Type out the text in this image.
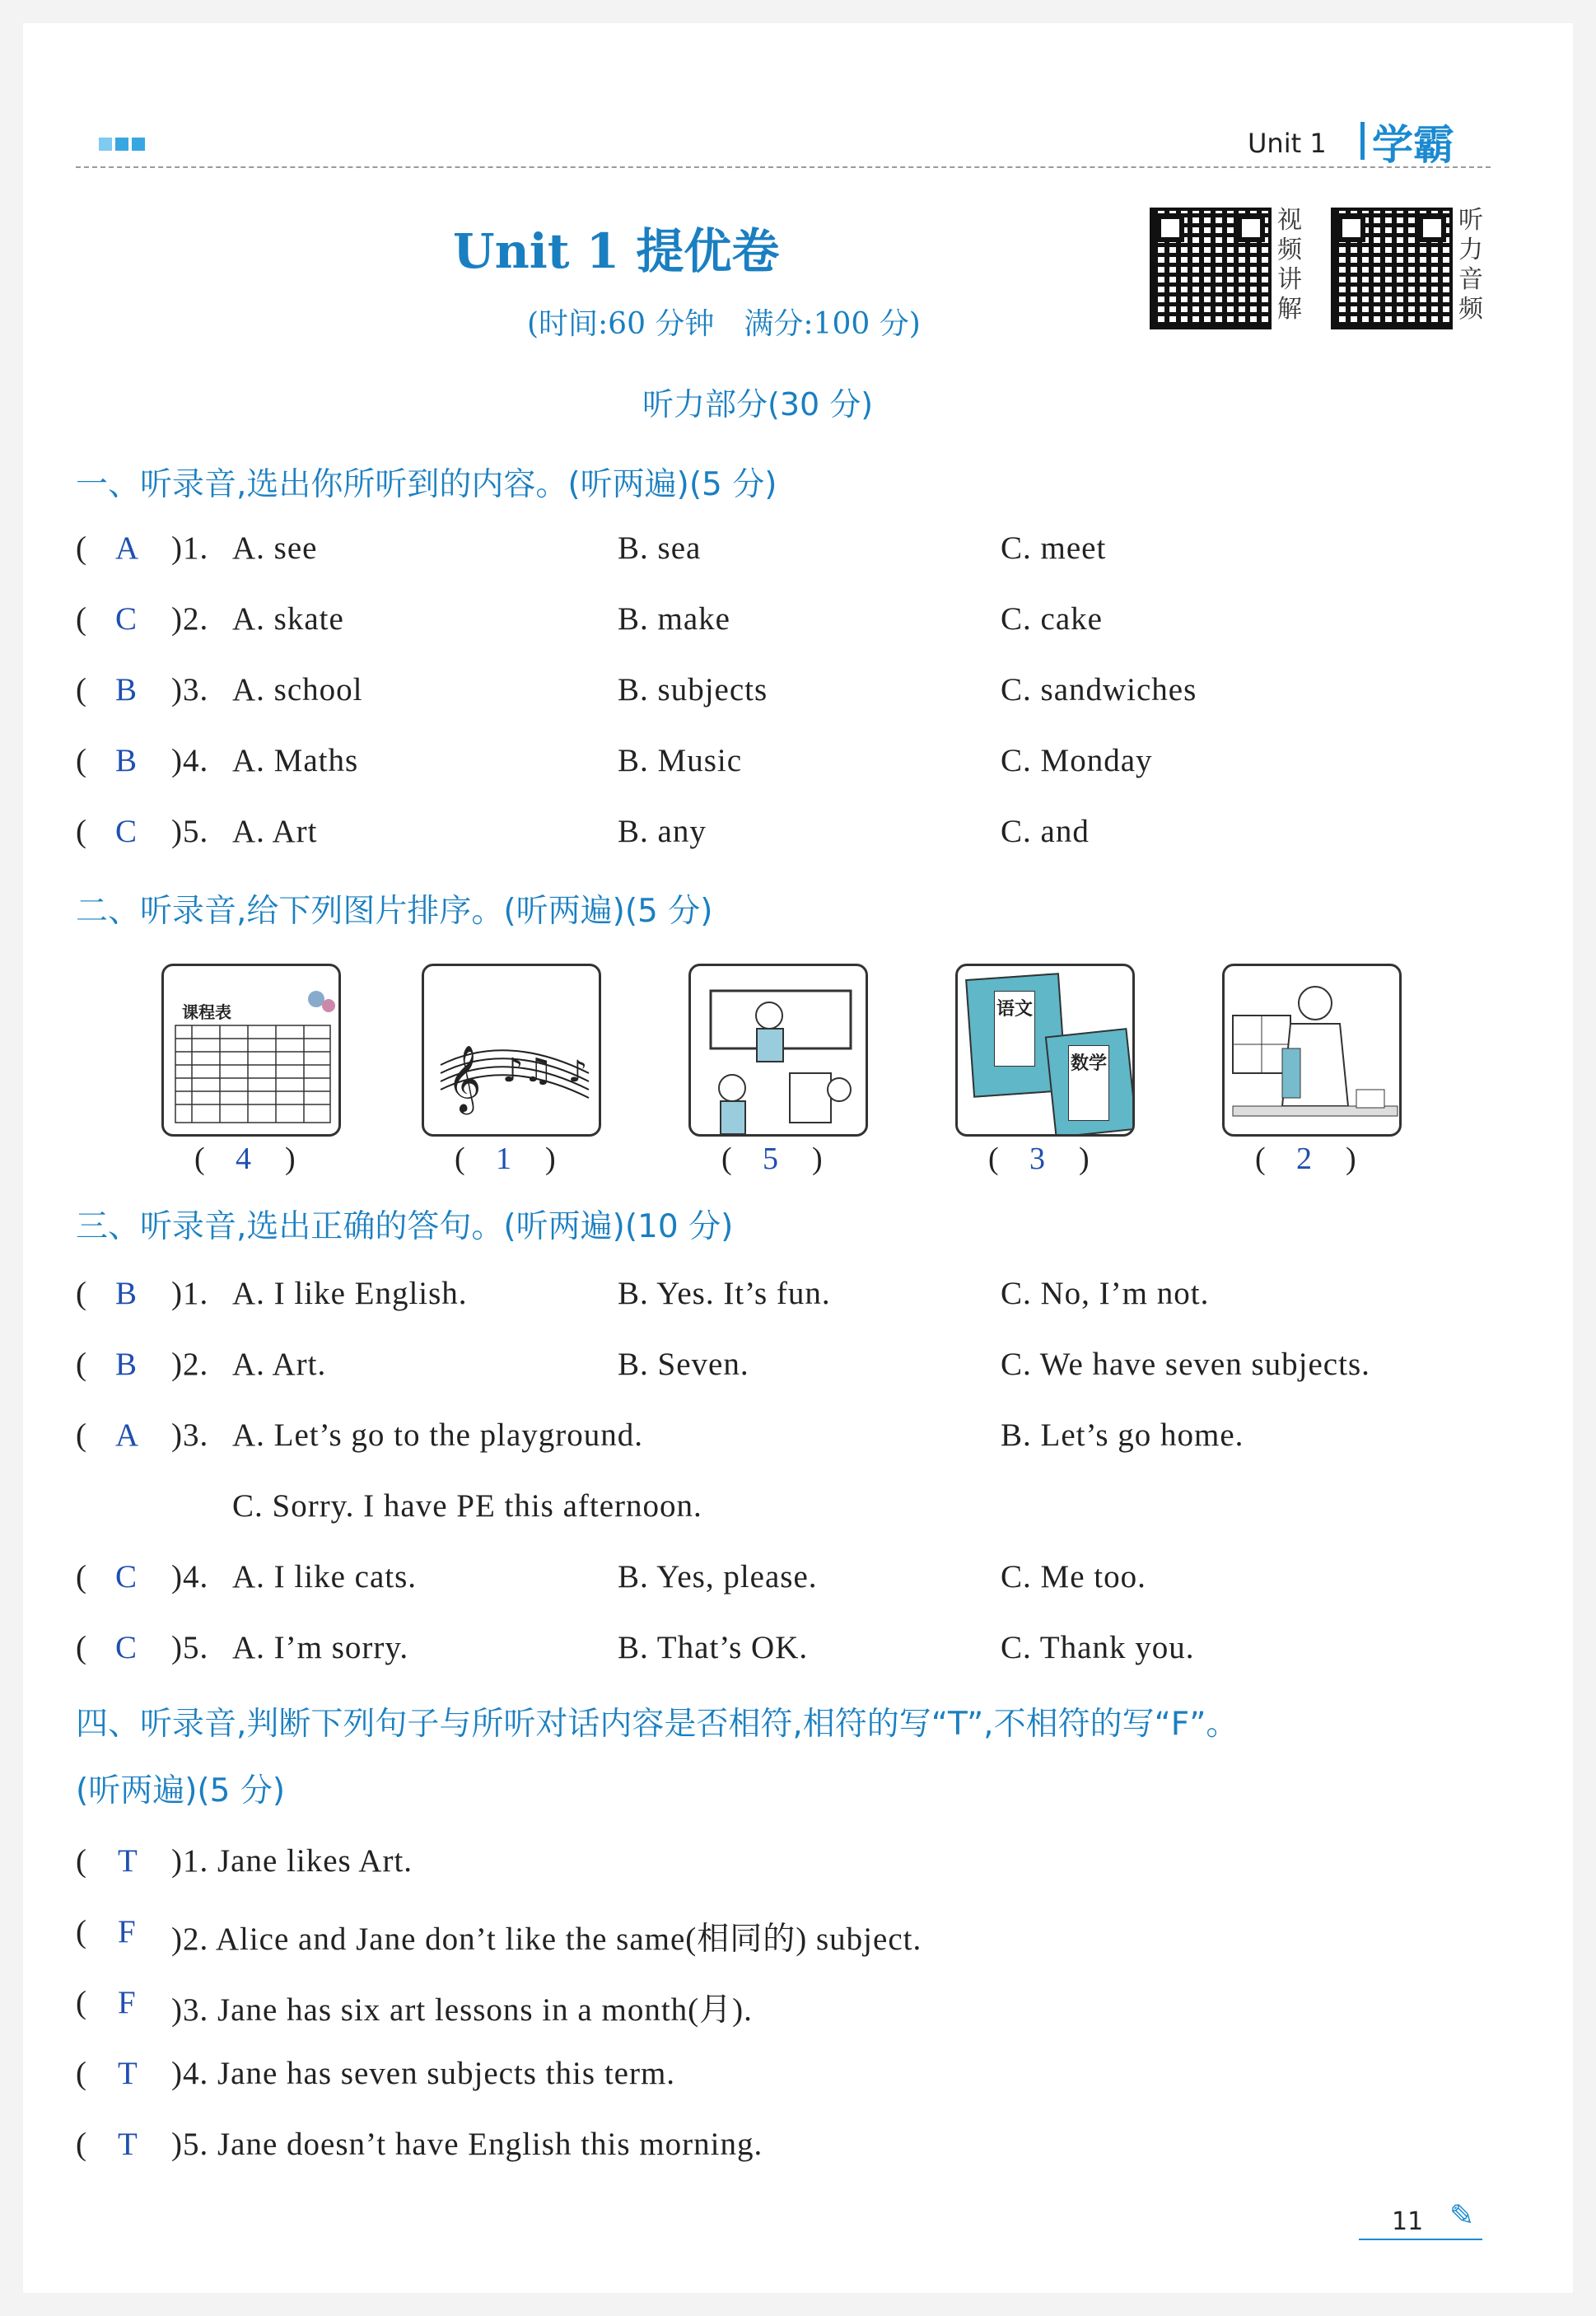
Unit 1 学霸
Unit 1 提优卷
(时间:60 分钟　满分:100 分)
视频讲解
听力音频
听力部分(30 分)
一、听录音,选出你所听到的内容。(听两遍)(5 分)
( A )1. A. see	B. sea	C. meet
( C )2. A. skate	B. make	C. cake
( B )3. A. school	B. subjects	C. sandwiches
( B )4. A. Maths	B. Music	C. Monday
( C )5. A. Art	B. any	C. and
二、听录音,给下列图片排序。(听两遍)(5 分)
课程表
𝄞 ♪♫ ♪
语文
数学
( 4 )	( 1 )	( 5 )	( 3 )	( 2 )
三、听录音,选出正确的答句。(听两遍)(10 分)
( B )1. A. I like English.	B. Yes. It’s fun.	C. No, I’m not.
( B )2. A. Art.	B. Seven.	C. We have seven subjects.
( A )3. A. Let’s go to the playground.	B. Let’s go home.
C. Sorry. I have PE this afternoon.
( C )4. A. I like cats.	B. Yes, please.	C. Me too.
( C )5. A. I’m sorry.	B. That’s OK.	C. Thank you.
四、听录音,判断下列句子与所听对话内容是否相符,相符的写“T”,不相符的写“F”。
(听两遍)(5 分)
( T )1. Jane likes Art.
( F )2. Alice and Jane don’t like the same(相同的) subject.
( F )3. Jane has six art lessons in a month(月).
( T )4. Jane has seven subjects this term.
( T )5. Jane doesn’t have English this morning.
11 ✎
